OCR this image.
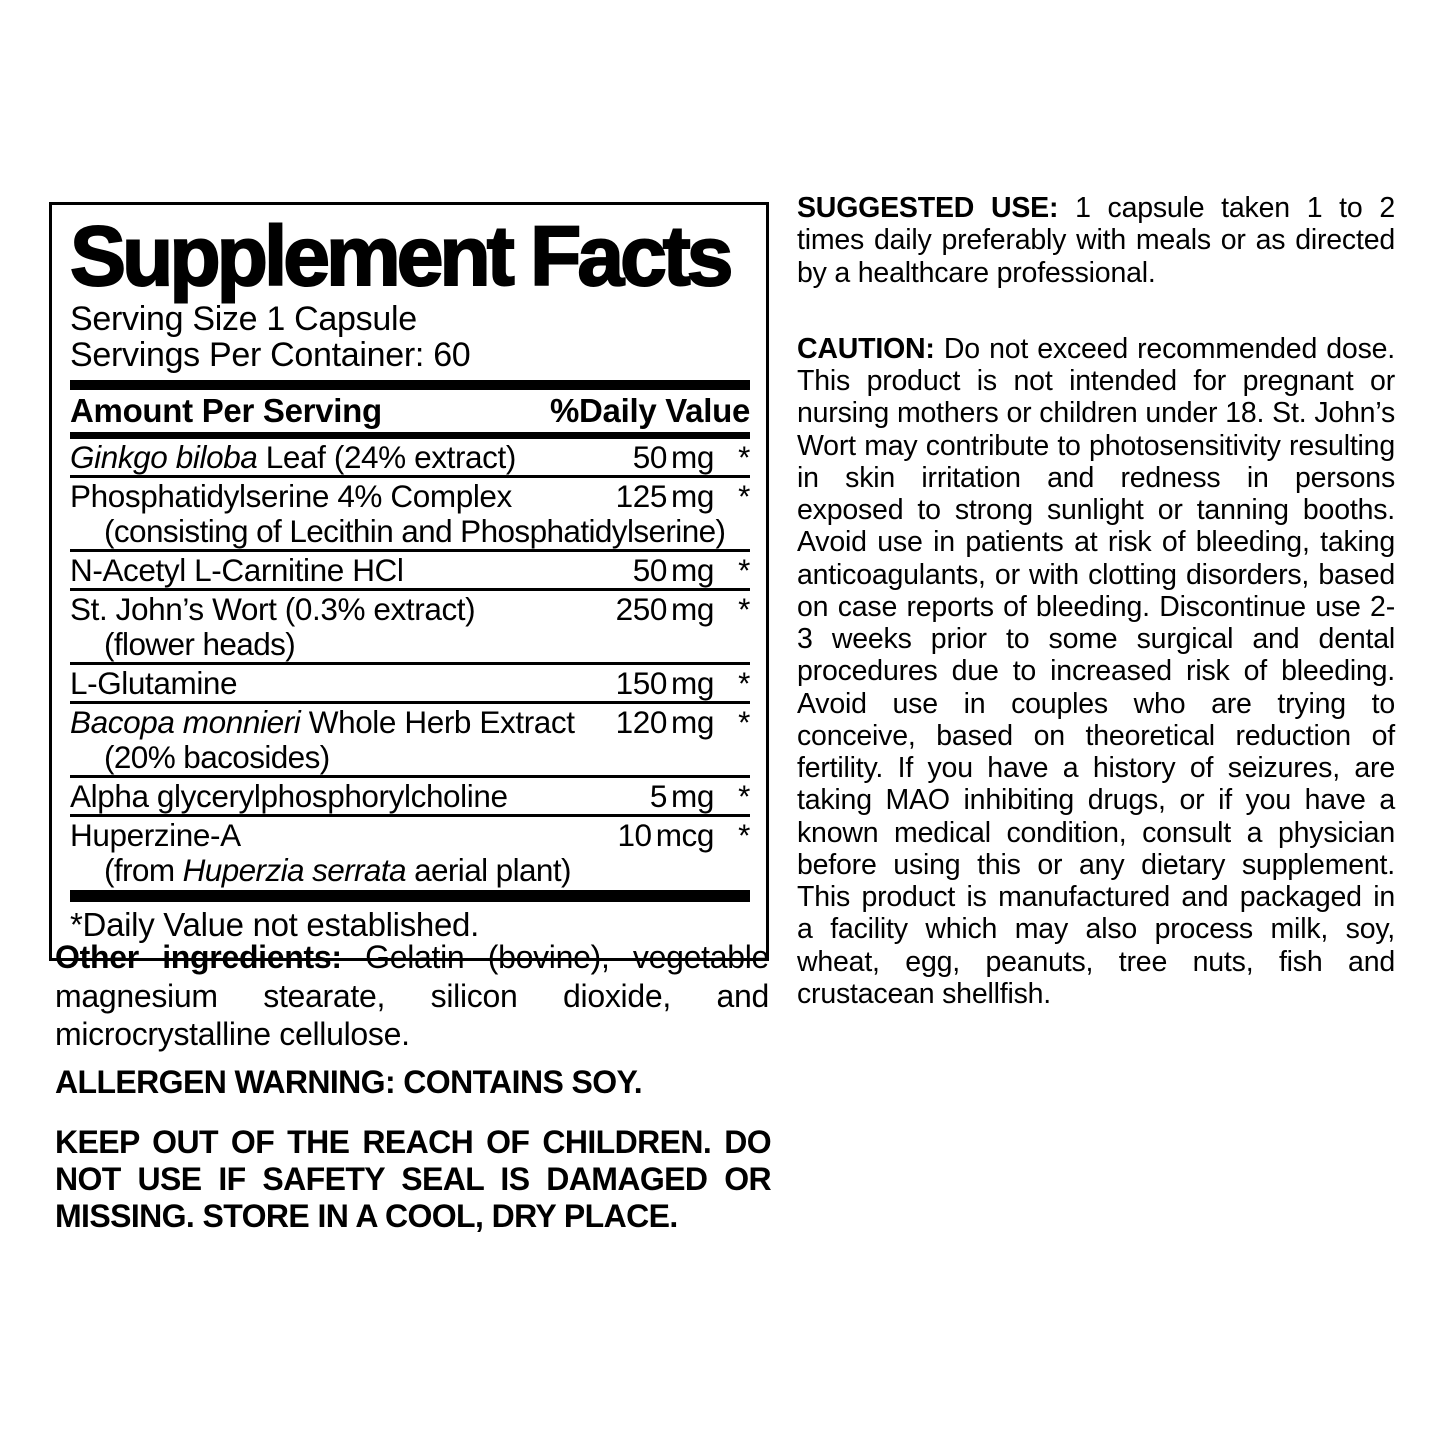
Supplement Facts
Serving Size 1 Capsule
Servings Per Container: 60
Amount Per Serving	%Daily Value
Ginkgo biloba Leaf (24% extract)	50 mg *
Phosphatidylserine 4% Complex	125 mg *
(consisting of Lecithin and Phosphatidylserine)
N-Acetyl L-Carnitine HCl	50 mg *
St. John’s Wort (0.3% extract)	250 mg *
(flower heads)
L-Glutamine	150 mg *
Bacopa monnieri Whole Herb Extract	120 mg *
(20% bacosides)
Alpha glycerylphosphorylcholine	5 mg *
Huperzine-A	10 mcg *
(from Huperzia serrata aerial plant)
*Daily Value not established.
Other ingredients: Gelatin (bovine), vegetable magnesium stearate, silicon dioxide, and microcrystalline cellulose.
ALLERGEN WARNING: CONTAINS SOY.
KEEP OUT OF THE REACH OF CHILDREN. DO NOT USE IF SAFETY SEAL IS DAMAGED OR MISSING. STORE IN A COOL, DRY PLACE.

SUGGESTED USE: 1 capsule taken 1 to 2 times daily preferably with meals or as directed by a healthcare professional.

CAUTION: Do not exceed recommended dose. This product is not intended for pregnant or nursing mothers or children under 18. St. John’s Wort may contribute to photosensitivity resulting in skin irritation and redness in persons exposed to strong sunlight or tanning booths. Avoid use in patients at risk of bleeding, taking anticoagulants, or with clotting disorders, based on case reports of bleeding. Discontinue use 2-3 weeks prior to some surgical and dental procedures due to increased risk of bleeding. Avoid use in couples who are trying to conceive, based on theoretical reduction of fertility. If you have a history of seizures, are taking MAO inhibiting drugs, or if you have a known medical condition, consult a physician before using this or any dietary supplement. This product is manufactured and packaged in a facility which may also process milk, soy, wheat, egg, peanuts, tree nuts, fish and crustacean shellfish.
